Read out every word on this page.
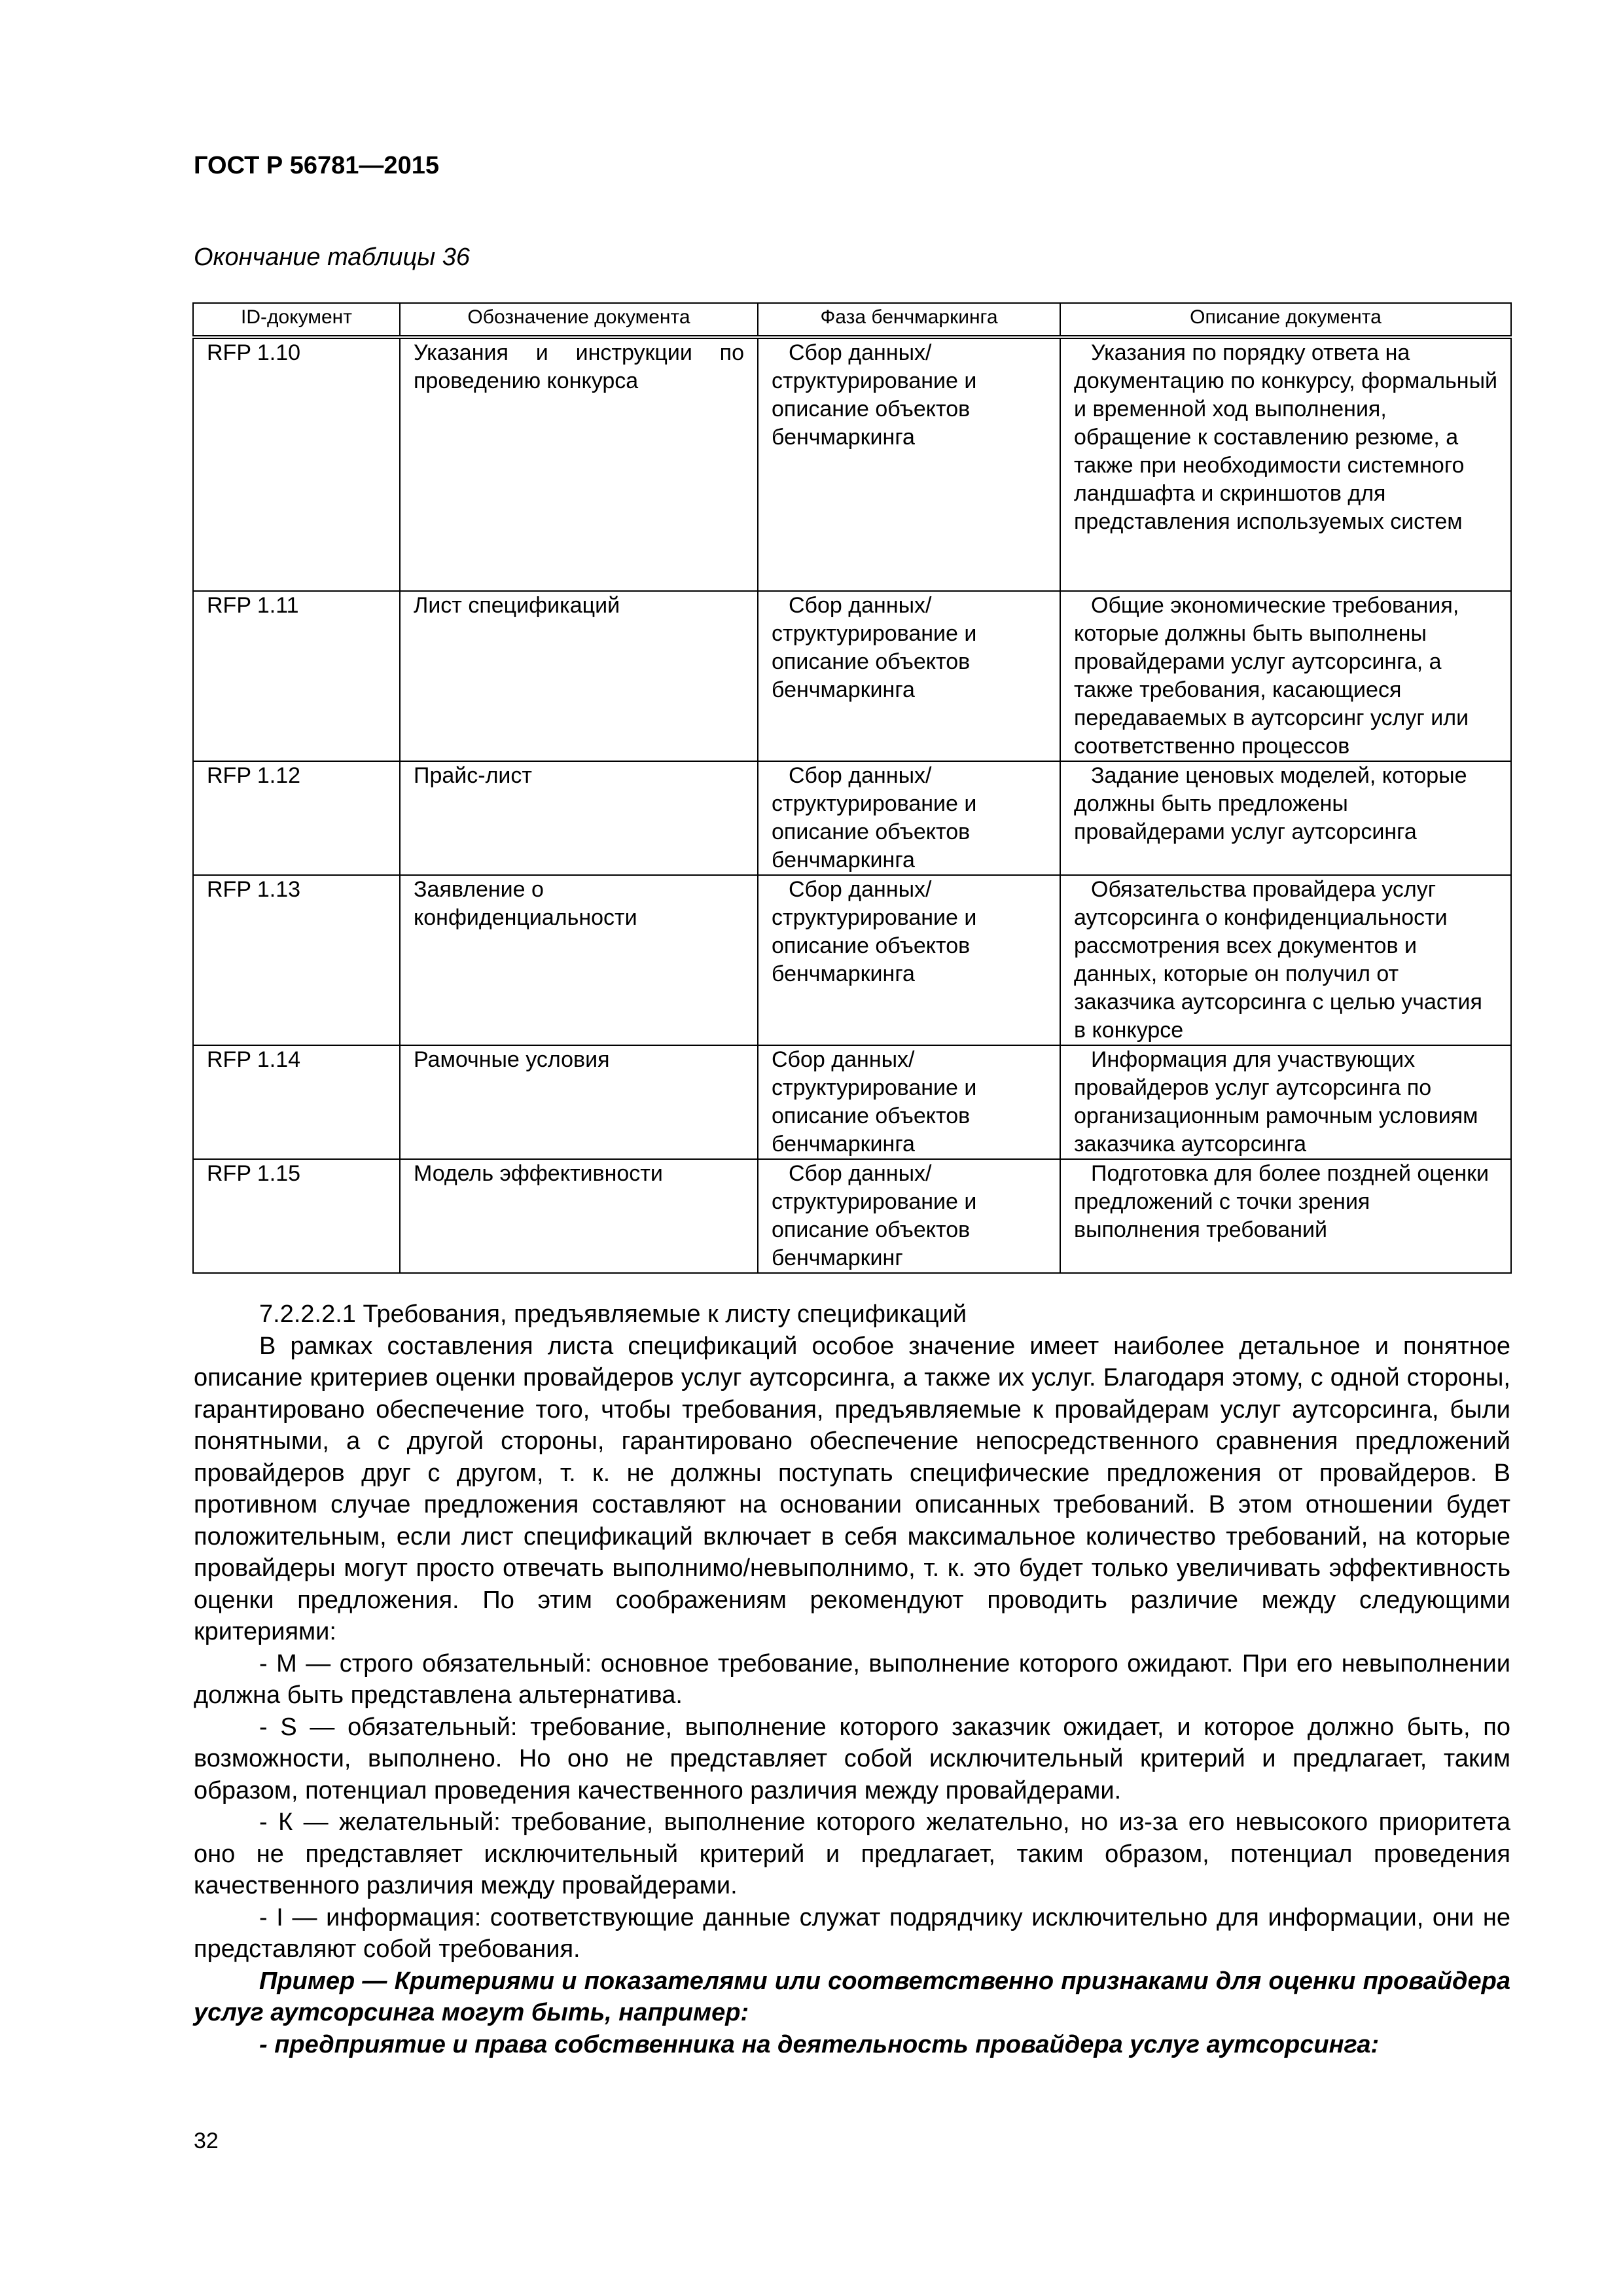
ГОСТ Р 56781—2015
Окончание таблицы 36
ID-документ	Обозначение документа	Фаза бенчмаркинга	Описание документа
RFP 1.10	Указания и инструкции по проведению конкурса	Сбор данных/ структурирование и описание объектов бенчмаркинга	Указания по порядку ответа на документацию по конкурсу, формальный и временной ход выполнения, обращение к составлению резюме, а также при необходимости системного ландшафта и скриншотов для представления используемых систем
RFP 1.11	Лист спецификаций	Сбор данных/ структурирование и описание объектов бенчмаркинга	Общие экономические требования, которые должны быть выполнены провайдерами услуг аутсорсинга, а также требования, касающиеся передаваемых в аутсорсинг услуг или соответственно процессов
RFP 1.12	Прайс-лист	Сбор данных/ структурирование и описание объектов бенчмаркинга	Задание ценовых моделей, которые должны быть предложены провайдерами услуг аутсорсинга
RFP 1.13	Заявление о конфиденциальности	Сбор данных/ структурирование и описание объектов бенчмаркинга	Обязательства провайдера услуг аутсорсинга о конфиденциальности рассмотрения всех документов и данных, которые он получил от заказчика аутсорсинга с целью участия в конкурсе
RFP 1.14	Рамочные условия	Сбор данных/ структурирование и описание объектов бенчмаркинга	Информация для участвующих провайдеров услуг аутсорсинга по организационным рамочным условиям заказчика аутсорсинга
RFP 1.15	Модель эффективности	Сбор данных/ структурирование и описание объектов бенчмаркинг	Подготовка для более поздней оценки предложений с точки зрения выполнения требований

7.2.2.2.1 Требования, предъявляемые к листу спецификаций

В рамках составления листа спецификаций особое значение имеет наиболее детальное и понятное описание критериев оценки провайдеров услуг аутсорсинга, а также их услуг. Благодаря этому, с одной стороны, гарантировано обеспечение того, чтобы требования, предъявляемые к провайдерам услуг аутсорсинга, были понятными, а с другой стороны, гарантировано обеспечение непосредственного сравнения предложений провайдеров друг с другом, т. к. не должны поступать специфические предложения от провайдеров. В противном случае предложения составляют на основании описанных требований. В этом отношении будет положительным, если лист спецификаций включает в себя максимальное количество требований, на которые провайдеры могут просто отвечать выполнимо/невыполнимо, т. к. это будет только увеличивать эффективность оценки предложения. По этим соображениям рекомендуют проводить различие между следующими критериями:

- М — строго обязательный: основное требование, выполнение которого ожидают. При его невыполнении должна быть представлена альтернатива.

- S — обязательный: требование, выполнение которого заказчик ожидает, и которое должно быть, по возможности, выполнено. Но оно не представляет собой исключительный критерий и предлагает, таким образом, потенциал проведения качественного различия между провайдерами.

- К — желательный: требование, выполнение которого желательно, но из-за его невысокого приоритета оно не представляет исключительный критерий и предлагает, таким образом, потенциал проведения качественного различия между провайдерами.

- I — информация: соответствующие данные служат подрядчику исключительно для информации, они не представляют собой требования.

Пример — Критериями и показателями или соответственно признаками для оценки провайдера услуг аутсорсинга могут быть, например:

- предприятие и права собственника на деятельность провайдера услуг аутсорсинга:

32
